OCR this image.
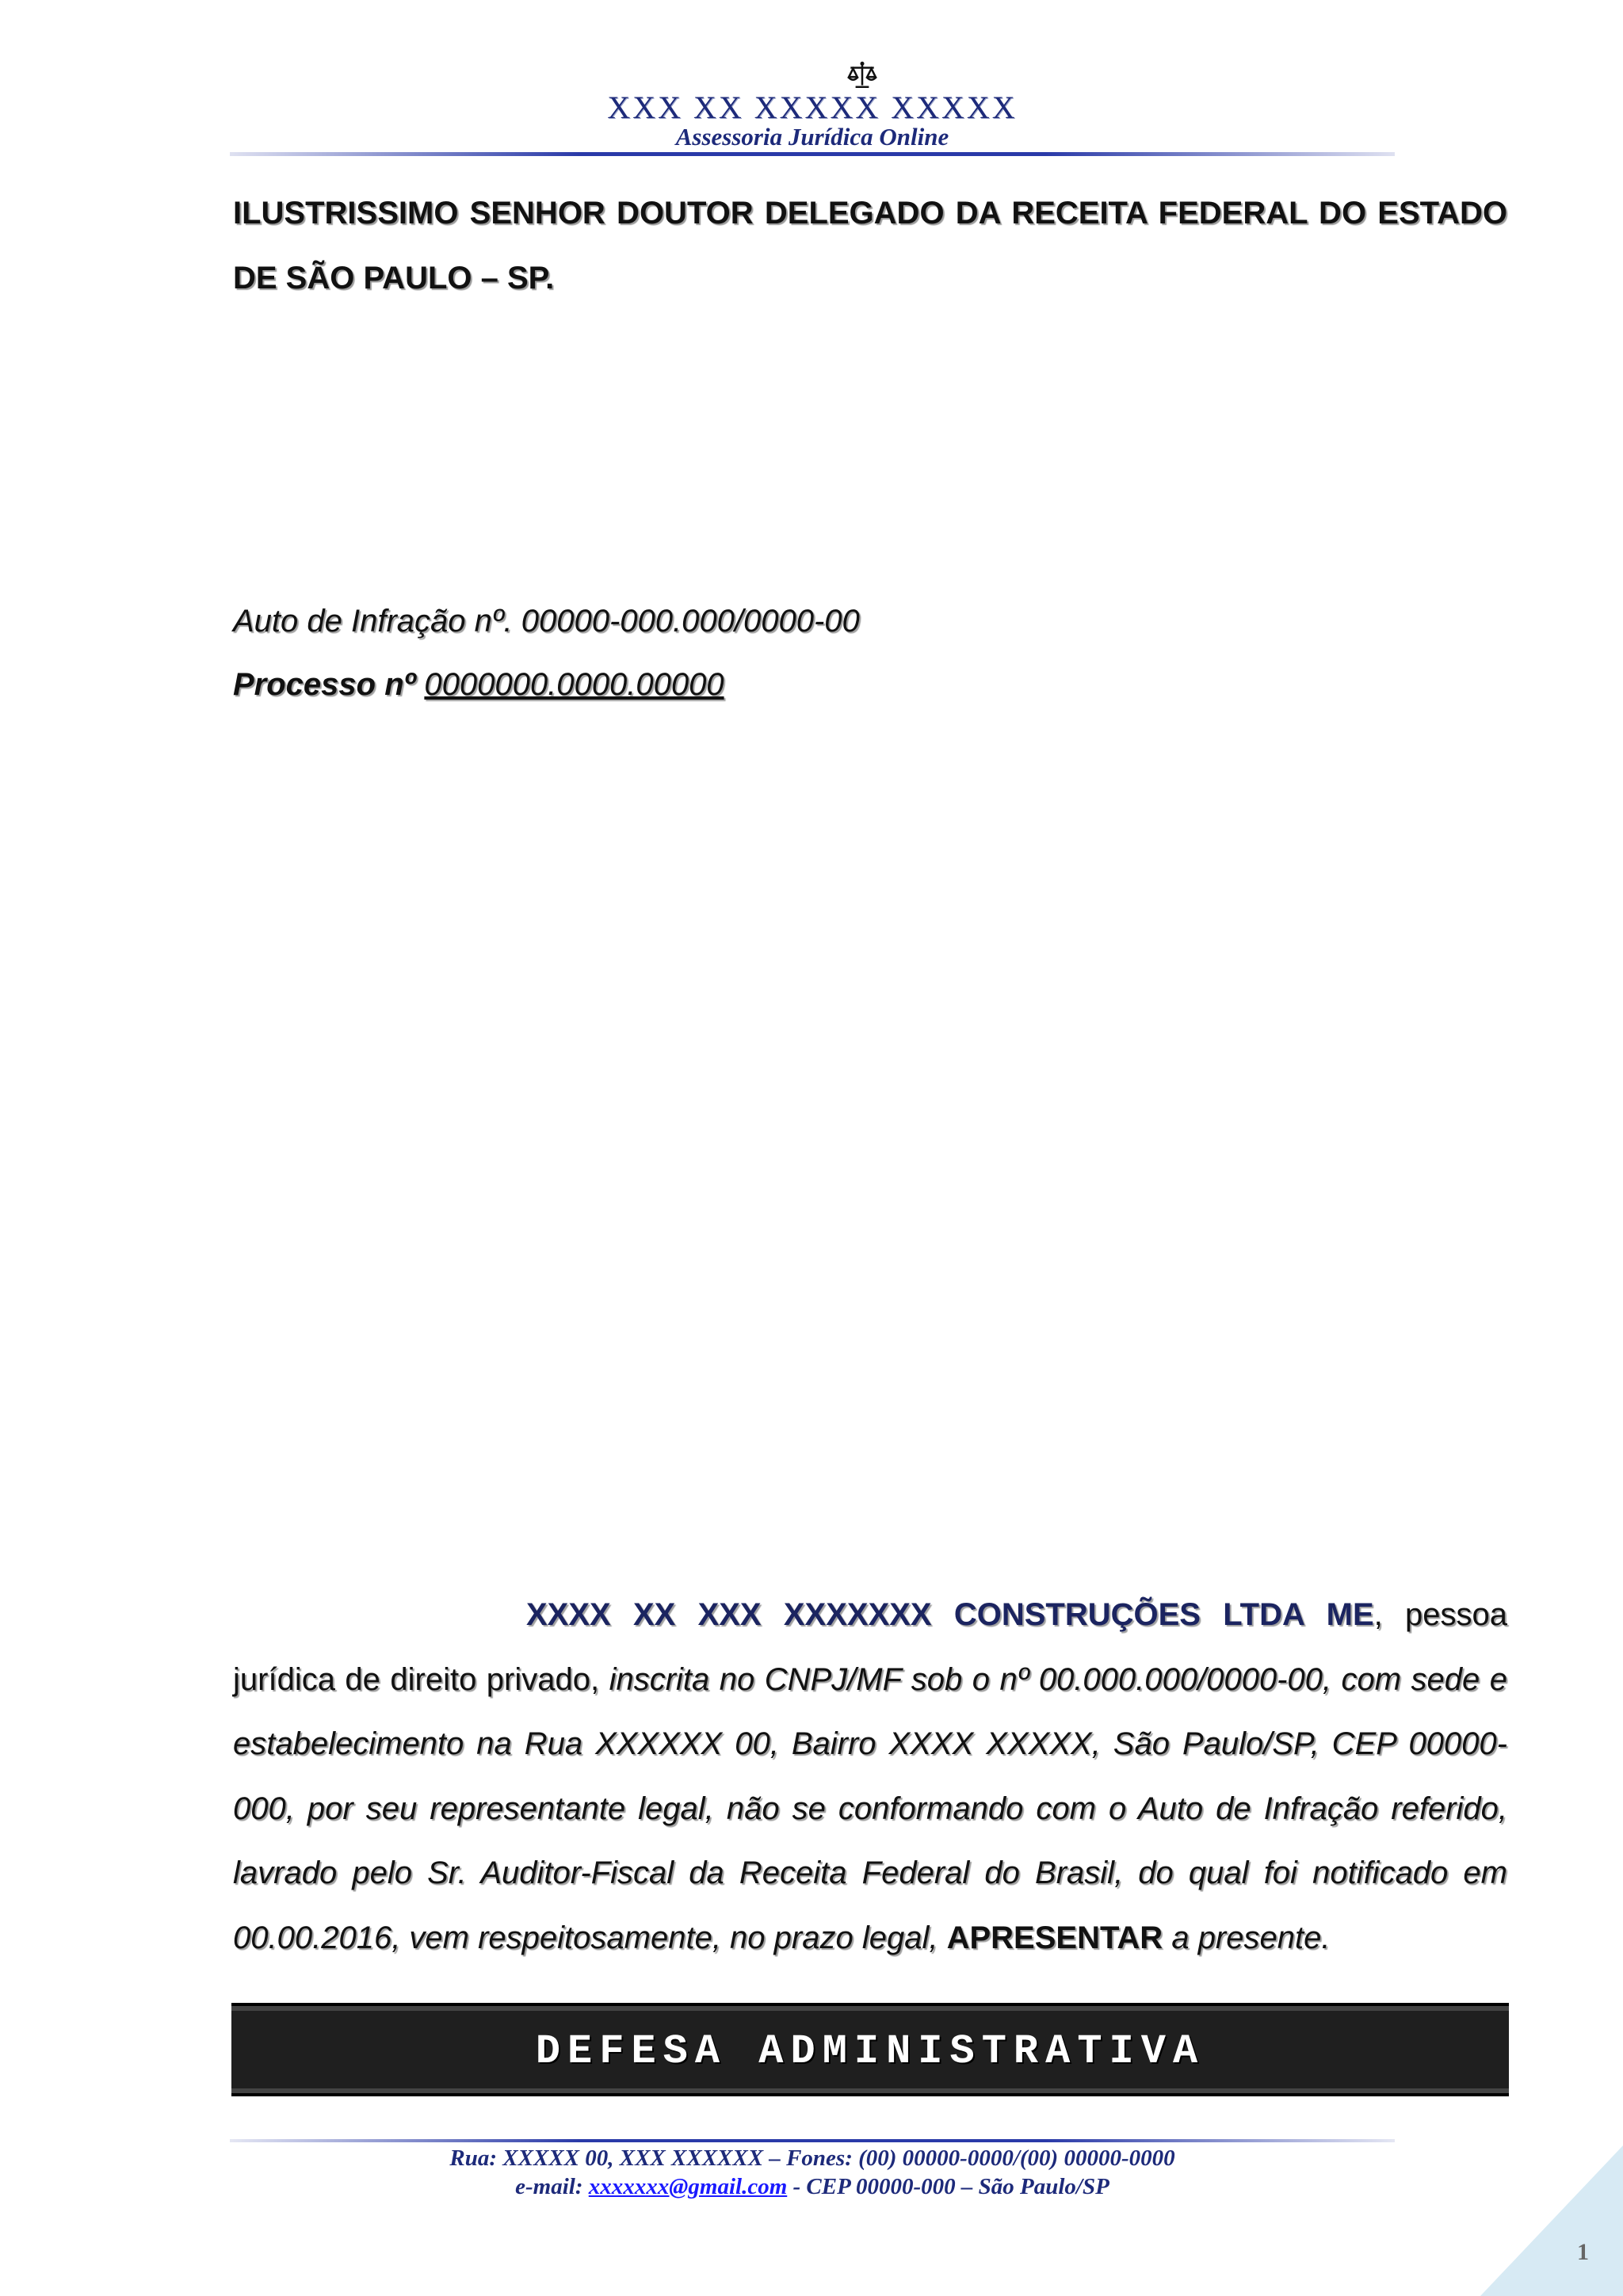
XXX XX XXXXX XXXXX
Assessoria Jurídica Online
ILUSTRISSIMO SENHOR DOUTOR DELEGADO DA RECEITA FEDERAL DO ESTADO DE SÃO PAULO – SP.
Auto de Infração nº. 00000-000.000/0000-00
Processo nº 0000000.0000.00000
XXXX XX XXX XXXXXXX CONSTRUÇÕES LTDA ME, pessoa jurídica de direito privado, inscrita no CNPJ/MF sob o nº 00.000.000/0000-00, com sede e estabelecimento na Rua XXXXXX 00, Bairro XXXX XXXXX, São Paulo/SP, CEP 00000-000, por seu representante legal, não se conformando com o Auto de Infração referido, lavrado pelo Sr. Auditor-Fiscal da Receita Federal do Brasil, do qual foi notificado em 00.00.2016, vem respeitosamente, no prazo legal, APRESENTAR a presente.
DEFESA ADMINISTRATIVA
Rua: XXXXX 00, XXX XXXXXX – Fones: (00) 00000-0000/(00) 00000-0000
e-mail: xxxxxxx@gmail.com - CEP 00000-000 – São Paulo/SP
1
